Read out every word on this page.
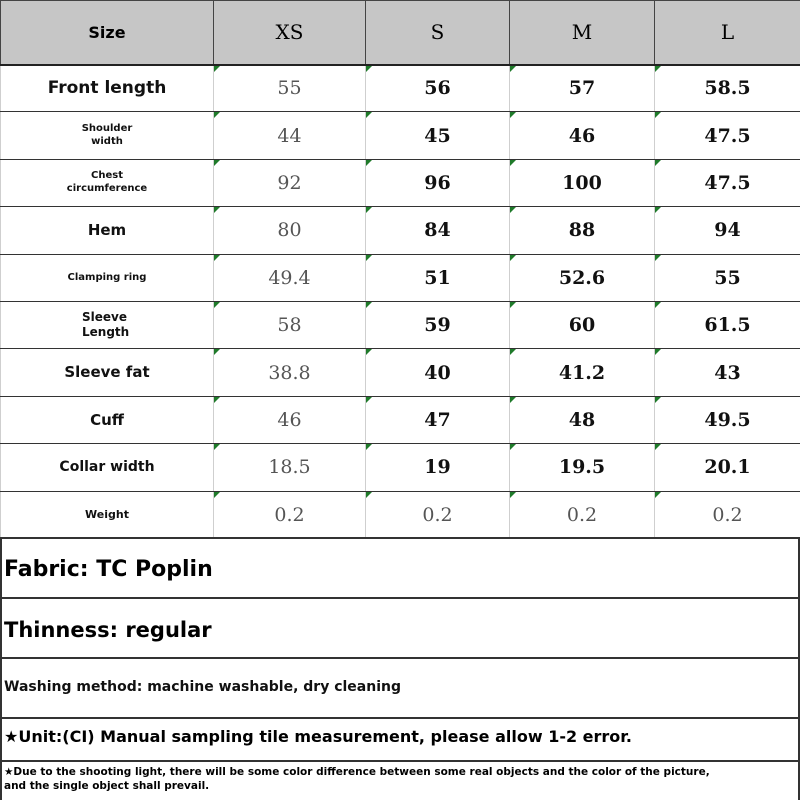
Size	XS	S	M	L
Front length	55	56	57	58.5

Shoulder width	44	45	46	47.5

Chest circumference	92	96	100	47.5
Hem	80	84	88	94
Clamping ring	49.4	51	52.6	55

Sleeve Length	58	59	60	61.5
Sleeve fat	38.8	40	41.2	43
Cuff	46	47	48	49.5
Collar width	18.5	19	19.5	20.1
Weight	0.2	0.2	0.2	0.2
Fabric: TC Poplin
Thinness: regular
Washing method: machine washable, dry cleaning
★Unit:(CI) Manual sampling tile measurement, please allow 1-2 error.
★Due to the shooting light, there will be some color difference between some real objects and the color of the picture,
and the single object shall prevail.
